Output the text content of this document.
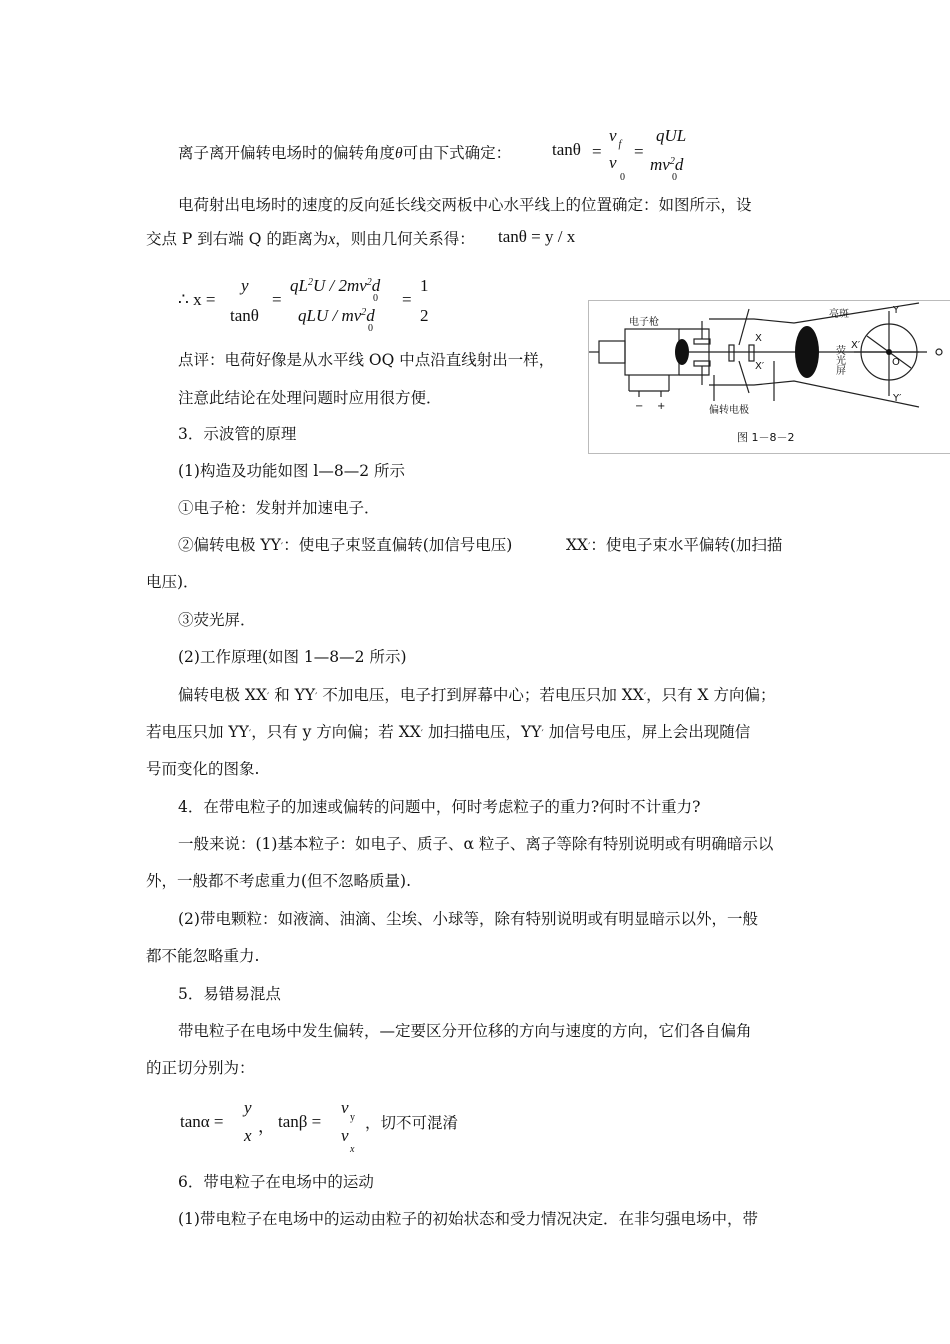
离子离开偏转电场时的偏转角度θ可由下式确定： tanθ =
v $_f$
v
0
=
qUL
$mv^2d$
0
电荷射出电场时的速度的反向延长线交两板中心水平线上的位置确定：如图所示，设
交点 P 到右端 Q 的距离为x，则由几何关系得： tanθ = y / x
∴ x =
y
tanθ
=
$qL^2U / 2mv^2d$
0
qLU / $mv^2d$
0
=
1
2
点评：电荷好像是从水平线 OQ 中点沿直线射出一样，
注意此结论在处理问题时应用很方便．
3．示波管的原理
电子枪
偏转电极
亮斑
荧光屏
Y
Y′
X
X′
X′
O
− +
图 1－8－2
(1)构造及功能如图 l—8—2 所示
①电子枪：发射并加速电子．
②偏转电极 YY′：使电子束竖直偏转(加信号电压)	XX′：使电子束水平偏转(加扫描
电压)．
③荧光屏．
(2)工作原理(如图 1—8—2 所示)
偏转电极 XX′ 和 YY′ 不加电压，电子打到屏幕中心；若电压只加 XX′，只有 X 方向偏；
若电压只加 YY′，只有 y 方向偏；若 XX′ 加扫描电压，YY′ 加信号电压，屏上会出现随信
号而变化的图象.
4．在带电粒子的加速或偏转的问题中，何时考虑粒子的重力?何时不计重力?
一般来说：(1)基本粒子：如电子、质子、α 粒子、离子等除有特别说明或有明确暗示以
外，一般都不考虑重力(但不忽略质量).
(2)带电颗粒：如液滴、油滴、尘埃、小球等，除有特别说明或有明显暗示以外，一般
都不能忽略重力.
5．易错易混点
带电粒子在电场中发生偏转，—定要区分开位移的方向与速度的方向，它们各自偏角
的正切分别为：
tanα =
y
x ， tanβ =
v
y
v
x
，切不可混淆
6．带电粒子在电场中的运动
(1)带电粒子在电场中的运动由粒子的初始状态和受力情况决定．在非匀强电场中，带
